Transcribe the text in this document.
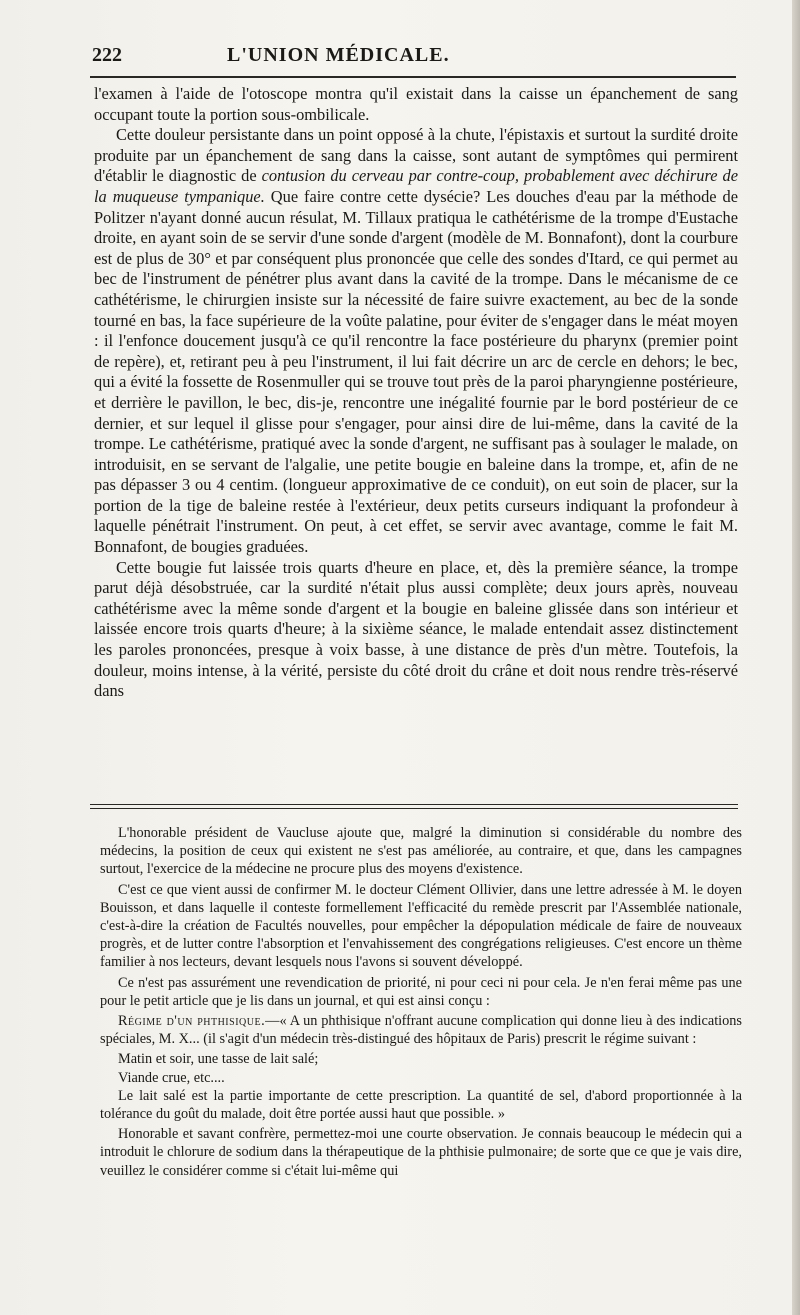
222	L'UNION MÉDICALE.

l'examen à l'aide de l'otoscope montra qu'il existait dans la caisse un épanchement de sang occupant toute la portion sous-ombilicale.

Cette douleur persistante dans un point opposé à la chute, l'épistaxis et surtout la surdité droite produite par un épanchement de sang dans la caisse, sont autant de symptômes qui permirent d'établir le diagnostic de contusion du cerveau par contre-coup, probablement avec déchirure de la muqueuse tympanique. Que faire contre cette dysécie? Les douches d'eau par la méthode de Politzer n'ayant donné aucun résulat, M. Tillaux pratiqua le cathétérisme de la trompe d'Eustache droite, en ayant soin de se servir d'une sonde d'argent (modèle de M. Bonnafont), dont la courbure est de plus de 30° et par conséquent plus prononcée que celle des sondes d'Itard, ce qui permet au bec de l'instrument de pénétrer plus avant dans la cavité de la trompe. Dans le mécanisme de ce cathétérisme, le chirurgien insiste sur la nécessité de faire suivre exactement, au bec de la sonde tourné en bas, la face supérieure de la voûte palatine, pour éviter de s'engager dans le méat moyen : il l'enfonce doucement jusqu'à ce qu'il rencontre la face postérieure du pharynx (premier point de repère), et, retirant peu à peu l'instrument, il lui fait décrire un arc de cercle en dehors; le bec, qui a évité la fossette de Rosenmuller qui se trouve tout près de la paroi pharyngienne postérieure, et derrière le pavillon, le bec, dis-je, rencontre une inégalité fournie par le bord postérieur de ce dernier, et sur lequel il glisse pour s'engager, pour ainsi dire de lui-même, dans la cavité de la trompe. Le cathétérisme, pratiqué avec la sonde d'argent, ne suffisant pas à soulager le malade, on introduisit, en se servant de l'algalie, une petite bougie en baleine dans la trompe, et, afin de ne pas dépasser 3 ou 4 centim. (longueur approximative de ce conduit), on eut soin de placer, sur la portion de la tige de baleine restée à l'extérieur, deux petits curseurs indiquant la profondeur à laquelle pénétrait l'instrument. On peut, à cet effet, se servir avec avantage, comme le fait M. Bonnafont, de bougies graduées.

Cette bougie fut laissée trois quarts d'heure en place, et, dès la première séance, la trompe parut déjà désobstruée, car la surdité n'était plus aussi complète; deux jours après, nouveau cathétérisme avec la même sonde d'argent et la bougie en baleine glissée dans son intérieur et laissée encore trois quarts d'heure; à la sixième séance, le malade entendait assez distinctement les paroles prononcées, presque à voix basse, à une distance de près d'un mètre. Toutefois, la douleur, moins intense, à la vérité, persiste du côté droit du crâne et doit nous rendre très-réservé dans

L'honorable président de Vaucluse ajoute que, malgré la diminution si considérable du nombre des médecins, la position de ceux qui existent ne s'est pas améliorée, au contraire, et que, dans les campagnes surtout, l'exercice de la médecine ne procure plus des moyens d'existence.

C'est ce que vient aussi de confirmer M. le docteur Clément Ollivier, dans une lettre adressée à M. le doyen Bouisson, et dans laquelle il conteste formellement l'efficacité du remède prescrit par l'Assemblée nationale, c'est-à-dire la création de Facultés nouvelles, pour empêcher la dépopulation médicale de faire de nouveaux progrès, et de lutter contre l'absorption et l'envahissement des congrégations religieuses. C'est encore un thème familier à nos lecteurs, devant lesquels nous l'avons si souvent développé.

Ce n'est pas assurément une revendication de priorité, ni pour ceci ni pour cela. Je n'en ferai même pas une pour le petit article que je lis dans un journal, et qui est ainsi conçu :

Régime d'un phthisique.—« A un phthisique n'offrant aucune complication qui donne lieu à des indications spéciales, M. X... (il s'agit d'un médecin très-distingué des hôpitaux de Paris) prescrit le régime suivant :

Matin et soir, une tasse de lait salé;

Viande crue, etc....

Le lait salé est la partie importante de cette prescription. La quantité de sel, d'abord proportionnée à la tolérance du goût du malade, doit être portée aussi haut que possible. »

Honorable et savant confrère, permettez-moi une courte observation. Je connais beaucoup le médecin qui a introduit le chlorure de sodium dans la thérapeutique de la phthisie pulmonaire; de sorte que ce que je vais dire, veuillez le considérer comme si c'était lui-même qui
